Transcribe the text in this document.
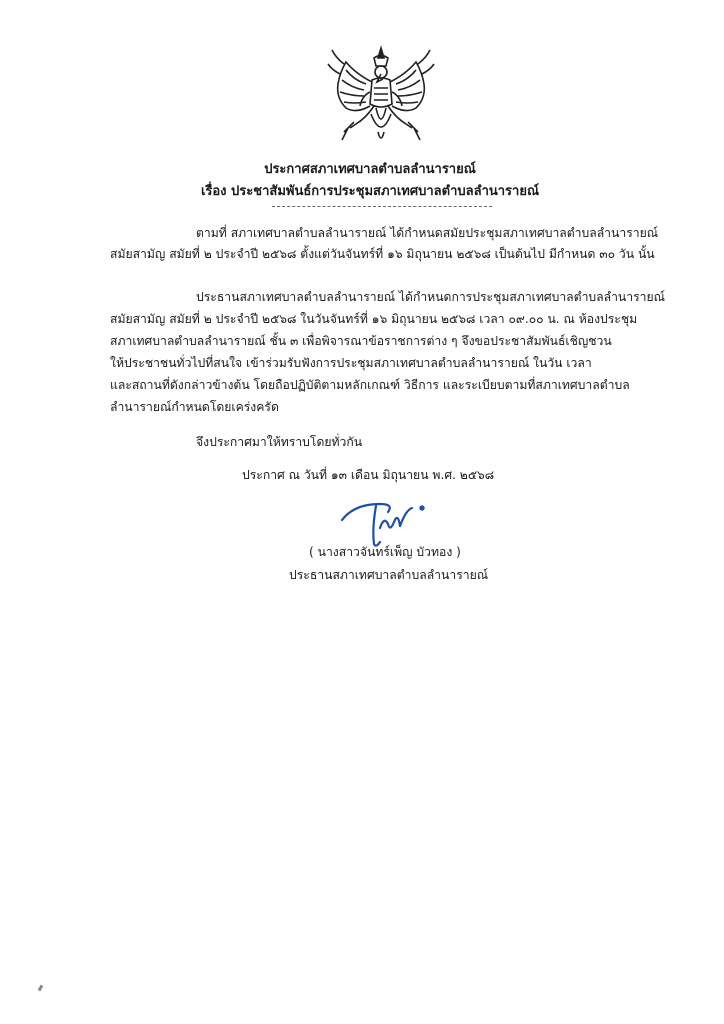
ประกาศสภาเทศบาลตำบลลำนารายณ์
เรื่อง ประชาสัมพันธ์การประชุมสภาเทศบาลตำบลลำนารายณ์
ตามที่ สภาเทศบาลตำบลลำนารายณ์ ได้กำหนดสมัยประชุมสภาเทศบาลตำบลลำนารายณ์
สมัยสามัญ สมัยที่ ๒ ประจำปี ๒๕๖๘ ตั้งแต่วันจันทร์ที่ ๑๖ มิถุนายน ๒๕๖๘ เป็นต้นไป มีกำหนด ๓๐ วัน นั้น
ประธานสภาเทศบาลตำบลลำนารายณ์ ได้กำหนดการประชุมสภาเทศบาลตำบลลำนารายณ์
สมัยสามัญ สมัยที่ ๒ ประจำปี ๒๕๖๘ ในวันจันทร์ที่ ๑๖ มิถุนายน ๒๕๖๘ เวลา ๐๙.๐๐ น. ณ ห้องประชุม
สภาเทศบาลตำบลลำนารายณ์ ชั้น ๓ เพื่อพิจารณาข้อราชการต่าง ๆ จึงขอประชาสัมพันธ์เชิญชวน
ให้ประชาชนทั่วไปที่สนใจ เข้าร่วมรับฟังการประชุมสภาเทศบาลตำบลลำนารายณ์ ในวัน เวลา
และสถานที่ดังกล่าวข้างต้น โดยถือปฏิบัติตามหลักเกณฑ์ วิธีการ และระเบียบตามที่สภาเทศบาลตำบล
ลำนารายณ์กำหนดโดยเคร่งครัด
จึงประกาศมาให้ทราบโดยทั่วกัน
ประกาศ ณ วันที่ ๑๓ เดือน มิถุนายน พ.ศ. ๒๕๖๘
( นางสาวจันทร์เพ็ญ บัวทอง )
ประธานสภาเทศบาลตำบลลำนารายณ์
